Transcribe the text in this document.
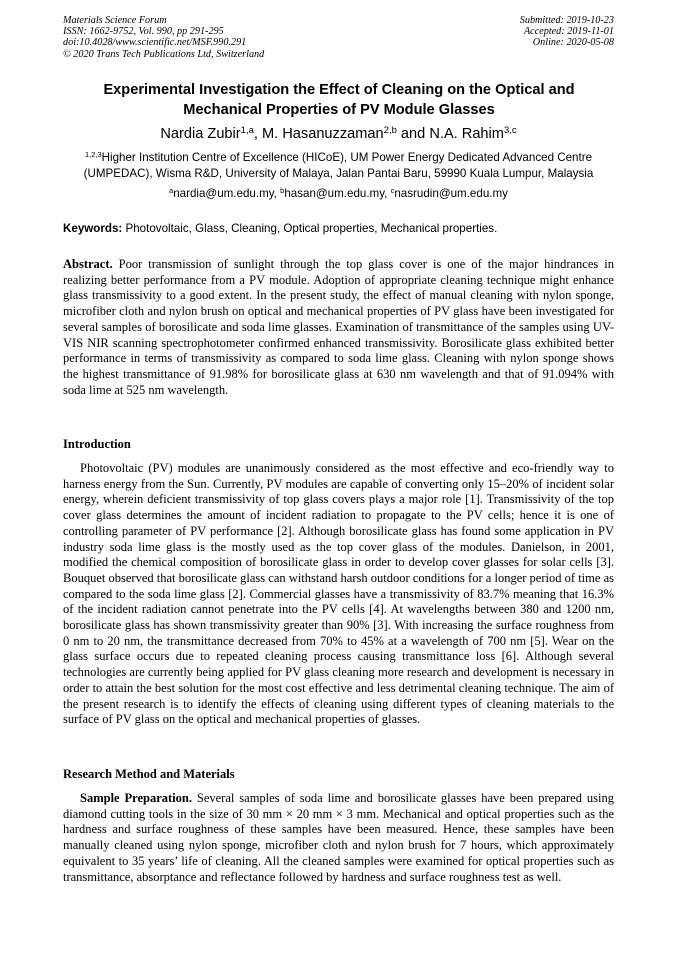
Materials Science Forum
ISSN: 1662-9752, Vol. 990, pp 291-295
doi:10.4028/www.scientific.net/MSF.990.291
© 2020 Trans Tech Publications Ltd, Switzerland
Submitted: 2019-10-23
Accepted: 2019-11-01
Online: 2020-05-08
Experimental Investigation the Effect of Cleaning on the Optical and Mechanical Properties of PV Module Glasses
Nardia Zubir$^{1,a}$, M. Hasanuzzaman$^{2,b}$ and N.A. Rahim$^{3,c}$
$^{1,2,3}$Higher Institution Centre of Excellence (HICoE), UM Power Energy Dedicated Advanced Centre (UMPEDAC), Wisma R&D, University of Malaya, Jalan Pantai Baru, 59990 Kuala Lumpur, Malaysia
$^a$nardia@um.edu.my, $^b$hasan@um.edu.my, $^c$nasrudin@um.edu.my
Keywords: Photovoltaic, Glass, Cleaning, Optical properties, Mechanical properties.
Abstract. Poor transmission of sunlight through the top glass cover is one of the major hindrances in realizing better performance from a PV module. Adoption of appropriate cleaning technique might enhance glass transmissivity to a good extent. In the present study, the effect of manual cleaning with nylon sponge, microfiber cloth and nylon brush on optical and mechanical properties of PV glass have been investigated for several samples of borosilicate and soda lime glasses. Examination of transmittance of the samples using UV-VIS NIR scanning spectrophotometer confirmed enhanced transmissivity. Borosilicate glass exhibited better performance in terms of transmissivity as compared to soda lime glass. Cleaning with nylon sponge shows the highest transmittance of 91.98% for borosilicate glass at 630 nm wavelength and that of 91.094% with soda lime at 525 nm wavelength.
Introduction
Photovoltaic (PV) modules are unanimously considered as the most effective and eco-friendly way to harness energy from the Sun. Currently, PV modules are capable of converting only 15–20% of incident solar energy, wherein deficient transmissivity of top glass covers plays a major role [1]. Transmissivity of the top cover glass determines the amount of incident radiation to propagate to the PV cells; hence it is one of controlling parameter of PV performance [2]. Although borosilicate glass has found some application in PV industry soda lime glass is the mostly used as the top cover glass of the modules. Danielson, in 2001, modified the chemical composition of borosilicate glass in order to develop cover glasses for solar cells [3]. Bouquet observed that borosilicate glass can withstand harsh outdoor conditions for a longer period of time as compared to the soda lime glass [2]. Commercial glasses have a transmissivity of 83.7% meaning that 16.3% of the incident radiation cannot penetrate into the PV cells [4]. At wavelengths between 380 and 1200 nm, borosilicate glass has shown transmissivity greater than 90% [3]. With increasing the surface roughness from 0 nm to 20 nm, the transmittance decreased from 70% to 45% at a wavelength of 700 nm [5]. Wear on the glass surface occurs due to repeated cleaning process causing transmittance loss [6]. Although several technologies are currently being applied for PV glass cleaning more research and development is necessary in order to attain the best solution for the most cost effective and less detrimental cleaning technique. The aim of the present research is to identify the effects of cleaning using different types of cleaning materials to the surface of PV glass on the optical and mechanical properties of glasses.
Research Method and Materials
Sample Preparation. Several samples of soda lime and borosilicate glasses have been prepared using diamond cutting tools in the size of 30 mm × 20 mm × 3 mm. Mechanical and optical properties such as the hardness and surface roughness of these samples have been measured. Hence, these samples have been manually cleaned using nylon sponge, microfiber cloth and nylon brush for 7 hours, which approximately equivalent to 35 years’ life of cleaning. All the cleaned samples were examined for optical properties such as transmittance, absorptance and reflectance followed by hardness and surface roughness test as well.
